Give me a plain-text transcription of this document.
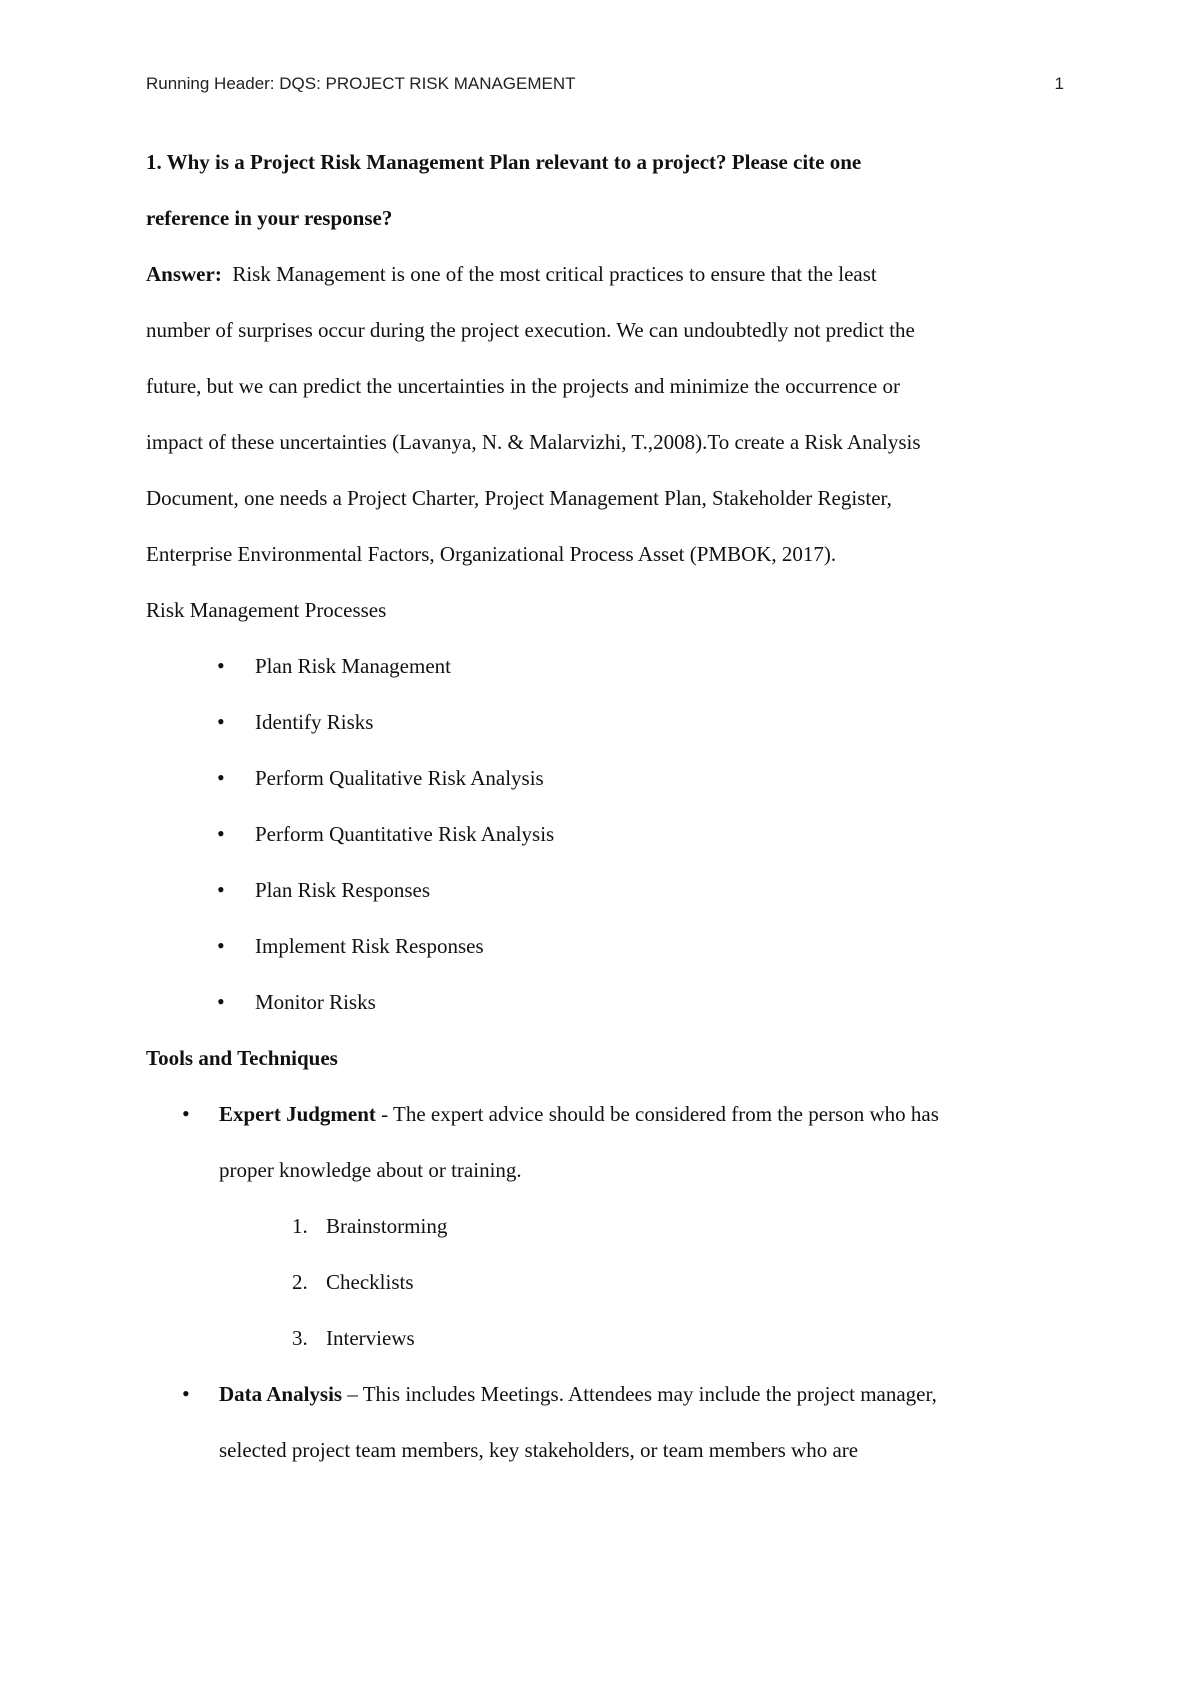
Running Header: DQS: PROJECT RISK MANAGEMENT	1
1. Why is a Project Risk Management Plan relevant to a project? Please cite one
reference in your response?
Answer:  Risk Management is one of the most critical practices to ensure that the least
number of surprises occur during the project execution. We can undoubtedly not predict the
future, but we can predict the uncertainties in the projects and minimize the occurrence or
impact of these uncertainties (Lavanya, N. & Malarvizhi, T.,2008).To create a Risk Analysis
Document, one needs a Project Charter, Project Management Plan, Stakeholder Register,
Enterprise Environmental Factors, Organizational Process Asset (PMBOK, 2017).
Risk Management Processes
• Plan Risk Management
• Identify Risks
• Perform Qualitative Risk Analysis
• Perform Quantitative Risk Analysis
• Plan Risk Responses
• Implement Risk Responses
• Monitor Risks
Tools and Techniques
• Expert Judgment - The expert advice should be considered from the person who has
proper knowledge about or training.
1. Brainstorming
2. Checklists
3. Interviews
• Data Analysis – This includes Meetings. Attendees may include the project manager,
selected project team members, key stakeholders, or team members who are
